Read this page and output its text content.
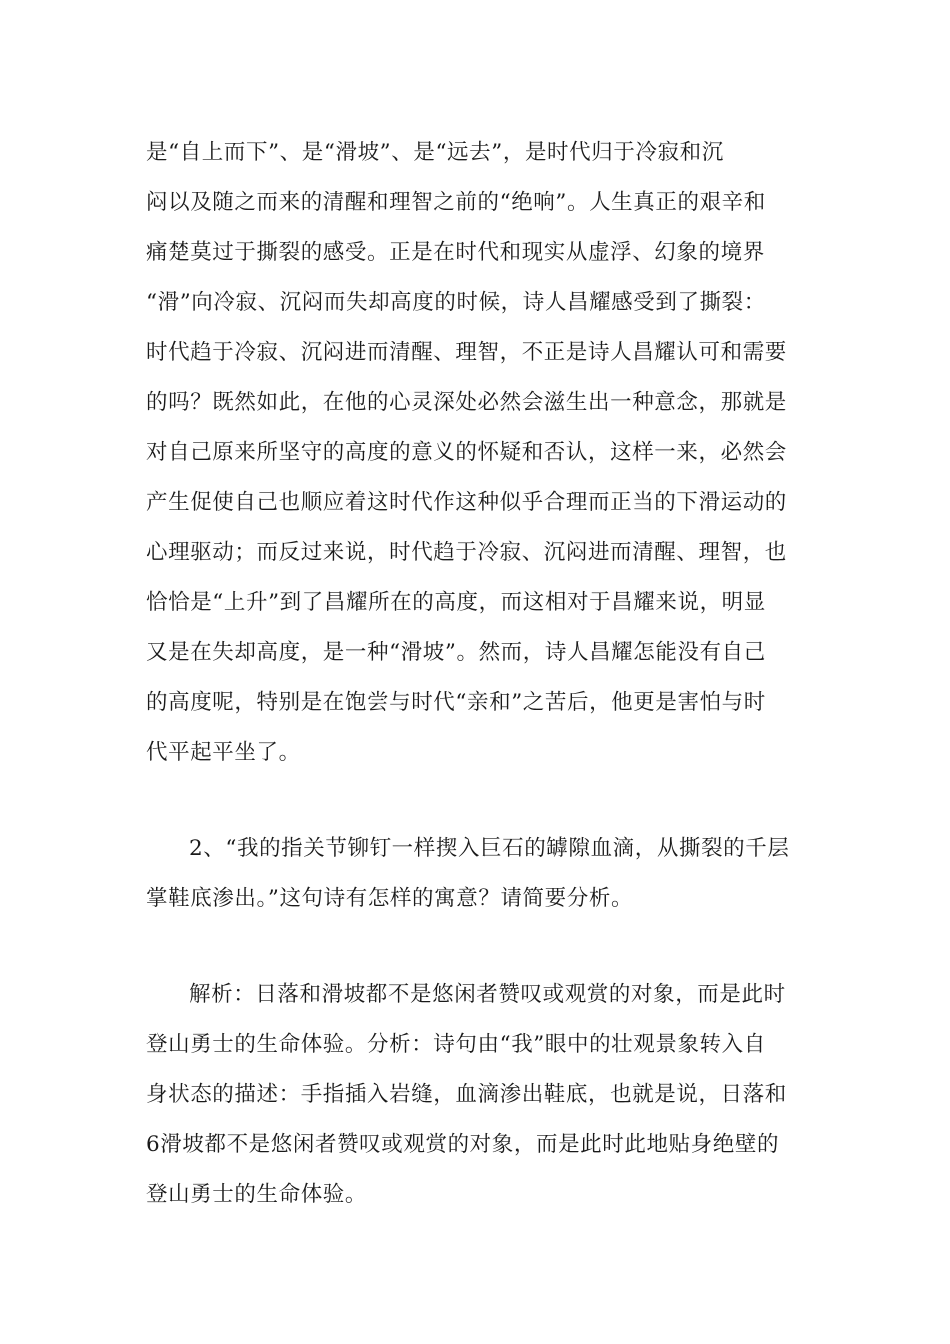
是“自上而下”、是“滑坡”、是“远去”，是时代归于冷寂和沉
闷以及随之而来的清醒和理智之前的“绝响”。人生真正的艰辛和
痛楚莫过于撕裂的感受。正是在时代和现实从虚浮、幻象的境界
“滑”向冷寂、沉闷而失却高度的时候，诗人昌耀感受到了撕裂：
时代趋于冷寂、沉闷进而清醒、理智，不正是诗人昌耀认可和需要
的吗？既然如此，在他的心灵深处必然会滋生出一种意念，那就是
对自己原来所坚守的高度的意义的怀疑和否认，这样一来，必然会
产生促使自己也顺应着这时代作这种似乎合理而正当的下滑运动的
心理驱动；而反过来说，时代趋于冷寂、沉闷进而清醒、理智，也
恰恰是“上升”到了昌耀所在的高度，而这相对于昌耀来说，明显
又是在失却高度，是一种“滑坡”。然而，诗人昌耀怎能没有自己
的高度呢，特别是在饱尝与时代“亲和”之苦后，他更是害怕与时
代平起平坐了。
2、“我的指关节铆钉一样揳入巨石的罅隙血滴，从撕裂的千层
掌鞋底渗出。”这句诗有怎样的寓意？请简要分析。
解析：日落和滑坡都不是悠闲者赞叹或观赏的对象，而是此时
登山勇士的生命体验。分析：诗句由“我”眼中的壮观景象转入自
身状态的描述：手指插入岩缝，血滴渗出鞋底，也就是说，日落和
6滑坡都不是悠闲者赞叹或观赏的对象，而是此时此地贴身绝壁的
登山勇士的生命体验。
